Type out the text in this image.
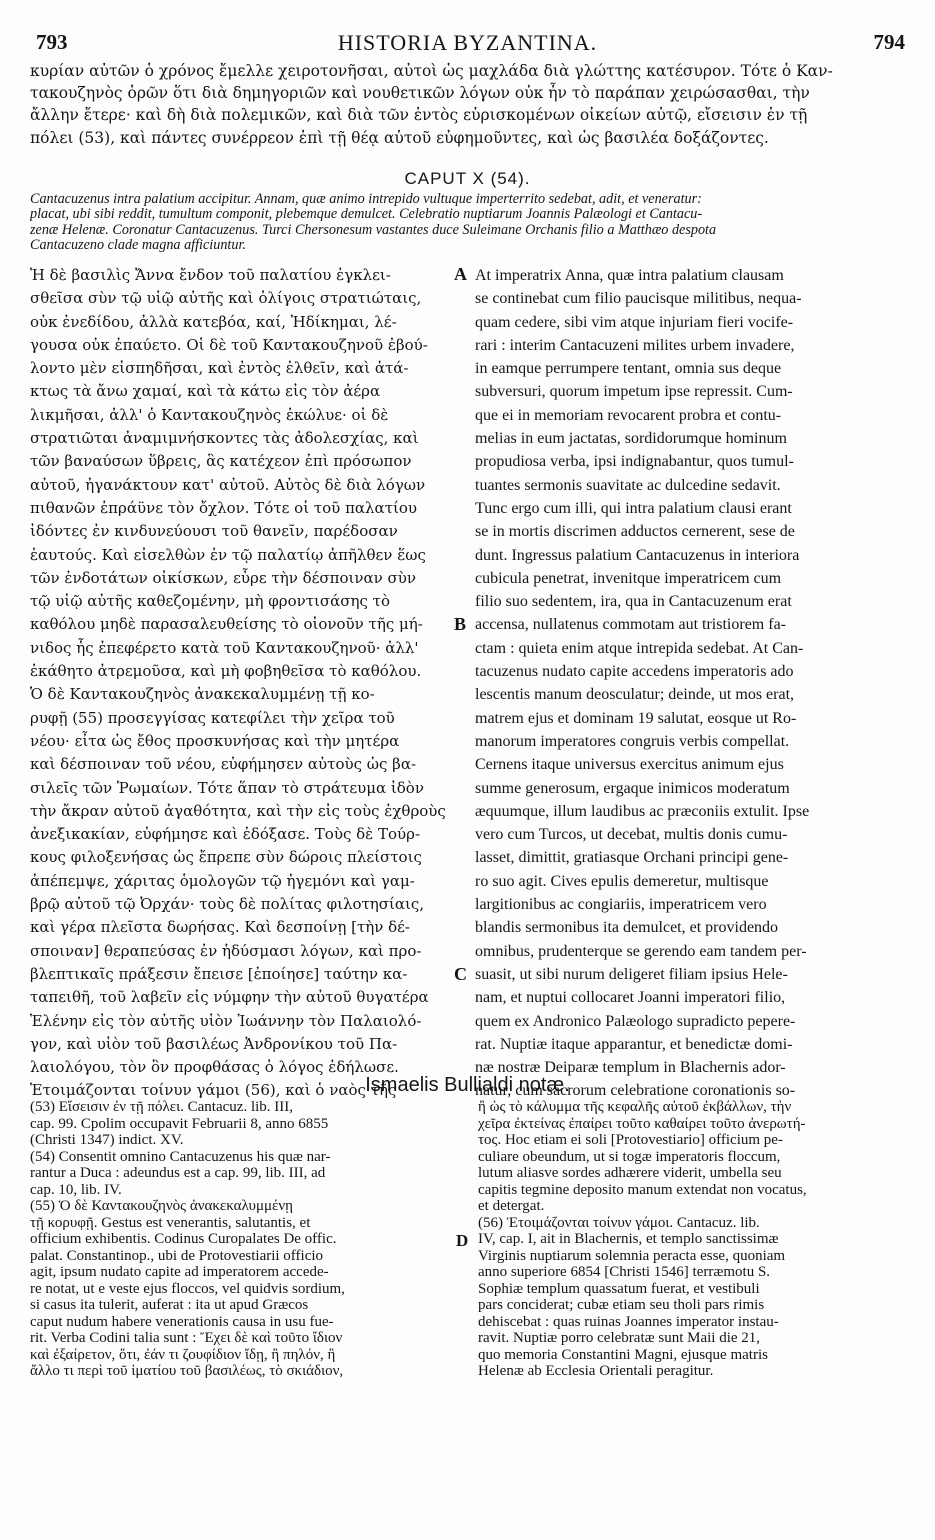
793	HISTORIA BYZANTINA.	794
κυρίαν αὐτῶν ὁ χρόνος ἔμελλε χειροτονῆσαι, αὐτοὶ ὡς μαχλάδα διὰ γλώττης κατέσυρον. Τότε ὁ Καν-
τακουζηνὸς ὁρῶν ὅτι διὰ δημηγοριῶν καὶ νουθετικῶν λόγων οὐκ ἦν τὸ παράπαν χειρώσασθαι, τὴν
ἄλλην ἔτερε· καὶ δὴ διὰ πολεμικῶν, καὶ διὰ τῶν ἐντὸς εὑρισκομένων οἰκείων αὐτῷ, εἴσεισιν ἐν τῇ
πόλει (53), καὶ πάντες συνέρρεον ἐπὶ τῇ θέᾳ αὐτοῦ εὐφημοῦντες, καὶ ὡς βασιλέα δοξάζοντες.
CAPUT X (54).
Cantacuzenus intra palatium accipitur. Annam, quæ animo intrepido vultuque imperterrito sedebat, adit, et veneratur:
placat, ubi sibi reddit, tumultum componit, plebemque demulcet. Celebratio nuptiarum Joannis Palæologi et Cantacu-
zenæ Helenæ. Coronatur Cantacuzenus. Turci Chersonesum vastantes duce Suleimane Orchanis filio a Matthæo despota
Cantacuzeno clade magna afficiuntur.
Ἡ δὲ βασιλὶς Ἄννα ἔνδον τοῦ παλατίου ἐγκλει-
σθεῖσα σὺν τῷ υἱῷ αὐτῆς καὶ ὀλίγοις στρατιώταις,
οὐκ ἐνεδίδου, ἀλλὰ κατεβόα, καί, Ἠδίκημαι, λέ-
γουσα οὐκ ἐπαύετο. Οἱ δὲ τοῦ Καντακουζηνοῦ ἐβού-
λοντο μὲν εἰσπηδῆσαι, καὶ ἐντὸς ἐλθεῖν, καὶ ἀτά-
κτως τὰ ἄνω χαμαί, καὶ τὰ κάτω εἰς τὸν ἀέρα
λικμῆσαι, ἀλλ' ὁ Καντακουζηνὸς ἐκώλυε· οἱ δὲ
στρατιῶται ἀναμιμνήσκοντες τὰς ἀδολεσχίας, καὶ
τῶν βαναύσων ὕβρεις, ἃς κατέχεον ἐπὶ πρόσωπον
αὐτοῦ, ἠγανάκτουν κατ' αὐτοῦ. Αὐτὸς δὲ διὰ λόγων
πιθανῶν ἐπράϋνε τὸν ὄχλον. Τότε οἱ τοῦ παλατίου
ἰδόντες ἐν κινδυνεύουσι τοῦ θανεῖν, παρέδοσαν
ἑαυτούς. Καὶ εἰσελθὼν ἐν τῷ παλατίῳ ἀπῆλθεν ἕως
τῶν ἐνδοτάτων οἰκίσκων, εὗρε τὴν δέσποιναν σὺν
τῷ υἱῷ αὐτῆς καθεζομένην, μὴ φροντισάσης τὸ
καθόλου μηδὲ παρασαλευθείσης τὸ οἱονοῦν τῆς μή-
νιδος ἧς ἐπεφέρετο κατὰ τοῦ Καντακουζηνοῦ· ἀλλ'
ἐκάθητο ἀτρεμοῦσα, καὶ μὴ φοβηθεῖσα τὸ καθόλου.
Ὁ δὲ Καντακουζηνὸς ἀνακεκαλυμμένῃ τῇ κο-
ρυφῇ (55) προσεγγίσας κατεφίλει τὴν χεῖρα τοῦ
νέου· εἶτα ὡς ἔθος προσκυνήσας καὶ τὴν μητέρα
καὶ δέσποιναν τοῦ νέου, εὐφήμησεν αὐτοὺς ὡς βα-
σιλεῖς τῶν Ῥωμαίων. Τότε ἅπαν τὸ στράτευμα ἰδὸν
τὴν ἄκραν αὐτοῦ ἀγαθότητα, καὶ τὴν εἰς τοὺς ἐχθροὺς
ἀνεξικακίαν, εὐφήμησε καὶ ἐδόξασε. Τοὺς δὲ Τούρ-
κους φιλοξενήσας ὡς ἔπρεπε σὺν δώροις πλείστοις
ἀπέπεμψε, χάριτας ὁμολογῶν τῷ ἡγεμόνι καὶ γαμ-
βρῷ αὐτοῦ τῷ Ὀρχάν· τοὺς δὲ πολίτας φιλοτησίαις,
καὶ γέρα πλεῖστα δωρήσας. Καὶ δεσποίνῃ [τὴν δέ-
σποιναν] θεραπεύσας ἐν ἡδύσμασι λόγων, καὶ προ-
βλεπτικαῖς πράξεσιν ἔπεισε [ἐποίησε] ταύτην κα-
ταπειθῆ, τοῦ λαβεῖν εἰς νύμφην τὴν αὐτοῦ θυγατέρα
Ἑλένην εἰς τὸν αὐτῆς υἱὸν Ἰωάννην τὸν Παλαιολό-
γον, καὶ υἱὸν τοῦ βασιλέως Ἀνδρονίκου τοῦ Πα-
λαιολόγου, τὸν ὃν προφθάσας ὁ λόγος ἐδήλωσε.
Ἑτοιμάζονται τοίνυν γάμοι (56), καὶ ὁ ναὸς τῆς
A
B
C
At imperatrix Anna, quæ intra palatium clausam
se continebat cum filio paucisque militibus, nequa-
quam cedere, sibi vim atque injuriam fieri vocife-
rari : interim Cantacuzeni milites urbem invadere,
in eamque perrumpere tentant, omnia sus deque
subversuri, quorum impetum ipse repressit. Cum-
que ei in memoriam revocarent probra et contu-
melias in eum jactatas, sordidorumque hominum
propudiosa verba, ipsi indignabantur, quos tumul-
tuantes sermonis suavitate ac dulcedine sedavit.
Tunc ergo cum illi, qui intra palatium clausi erant
se in mortis discrimen adductos cernerent, sese de
dunt. Ingressus palatium Cantacuzenus in interiora
cubicula penetrat, invenitque imperatricem cum
filio suo sedentem, ira, qua in Cantacuzenum erat
accensa, nullatenus commotam aut tristiorem fa-
ctam : quieta enim atque intrepida sedebat. At Can-
tacuzenus nudato capite accedens imperatoris ado
lescentis manum deosculatur; deinde, ut mos erat,
matrem ejus et dominam 19 salutat, eosque ut Ro-
manorum imperatores congruis verbis compellat.
Cernens itaque universus exercitus animum ejus
summe generosum, ergaque inimicos moderatum
æquumque, illum laudibus ac præconiis extulit. Ipse
vero cum Turcos, ut decebat, multis donis cumu-
lasset, dimittit, gratiasque Orchani principi gene-
ro suo agit. Cives epulis demeretur, multisque
largitionibus ac congiariis, imperatricem vero
blandis sermonibus ita demulcet, et providendo
omnibus, prudenterque se gerendo eam tandem per-
suasit, ut sibi nurum deligeret filiam ipsius Hele-
nam, et nuptui collocaret Joanni imperatori filio,
quem ex Andronico Palæologo supradicto pepere-
rat. Nuptiæ itaque apparantur, et benedictæ domi-
næ nostræ Deiparæ templum in Blachernis ador-
natur, cum sacrorum celebratione coronationis so-
Ismaelis Bullialdi notæ.
(53) Εἴσεισιν ἐν τῇ πόλει. Cantacuz. lib. III,
cap. 99. Cpolim occupavit Februarii 8, anno 6855
(Christi 1347) indict. XV.
(54) Consentit omnino Cantacuzenus his quæ nar-
rantur a Duca : adeundus est a cap. 99, lib. III, ad
cap. 10, lib. IV.
(55) Ὁ δὲ Καντακουζηνὸς ἀνακεκαλυμμένῃ
τῇ κορυφῇ. Gestus est venerantis, salutantis, et
officium exhibentis. Codinus Curopalates De offic.
palat. Constantinop., ubi de Protovestiarii officio
agit, ipsum nudato capite ad imperatorem accede-
re notat, ut e veste ejus floccos, vel quidvis sordium,
si casus ita tulerit, auferat : ita ut apud Græcos
caput nudum habere venerationis causa in usu fue-
rit. Verba Codini talia sunt : Ἔχει δὲ καὶ τοῦτο ἴδιον
καὶ ἐξαίρετον, ὅτι, ἐάν τι ζουφίδιον ἴδῃ, ἢ πηλόν, ἢ
ἄλλο τι περὶ τοῦ ἱματίου τοῦ βασιλέως, τὸ σκιάδιον,
D
ἢ ὡς τὸ κάλυμμα τῆς κεφαλῆς αὐτοῦ ἐκβάλλων, τὴν
χεῖρα ἐκτείνας ἐπαίρει τοῦτο καθαίρει τοῦτο ἀνερωτή-
τος. Hoc etiam ei soli [Protovestiario] officium pe-
culiare obeundum, ut si togæ imperatoris floccum,
lutum aliasve sordes adhærere viderit, umbella seu
capitis tegmine deposito manum extendat non vocatus,
et detergat.
(56) Ἑτοιμάζονται τοίνυν γάμοι. Cantacuz. lib.
IV, cap. I, ait in Blachernis, et templo sanctissimæ
Virginis nuptiarum solemnia peracta esse, quoniam
anno superiore 6854 [Christi 1546] terræmotu S.
Sophiæ templum quassatum fuerat, et vestibuli
pars conciderat; cubæ etiam seu tholi pars rimis
dehiscebat : quas ruinas Joannes imperator instau-
ravit. Nuptiæ porro celebratæ sunt Maii die 21,
quo memoria Constantini Magni, ejusque matris
Helenæ ab Ecclesia Orientali peragitur.
